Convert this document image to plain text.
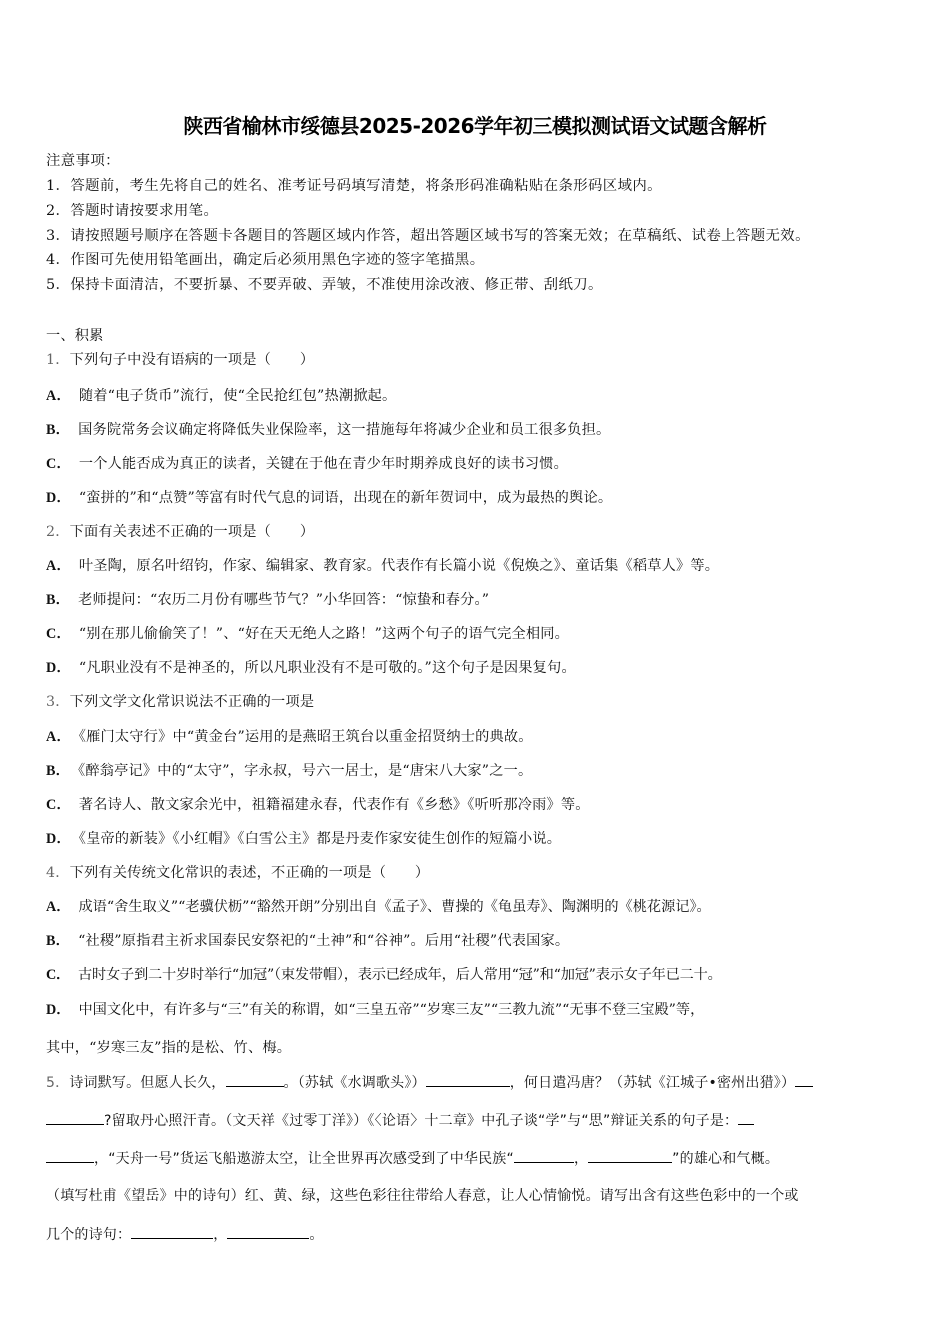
陕西省榆林市绥德县2025-2026学年初三模拟测试语文试题含解析
注意事项：
1．答题前，考生先将自己的姓名、准考证号码填写清楚，将条形码准确粘贴在条形码区域内。
2．答题时请按要求用笔。
3．请按照题号顺序在答题卡各题目的答题区域内作答，超出答题区域书写的答案无效；在草稿纸、试卷上答题无效。
4．作图可先使用铅笔画出，确定后必须用黑色字迹的签字笔描黑。
5．保持卡面清洁，不要折暴、不要弄破、弄皱，不准使用涂改液、修正带、刮纸刀。
一、积累
1．下列句子中没有语病的一项是（　　）
A． 随着“电子货币”流行，使“全民抢红包”热潮掀起。
B． 国务院常务会议确定将降低失业保险率，这一措施每年将减少企业和员工很多负担。
C． 一个人能否成为真正的读者，关键在于他在青少年时期养成良好的读书习惯。
D． “蛮拼的”和“点赞”等富有时代气息的词语，出现在的新年贺词中，成为最热的舆论。
2．下面有关表述不正确的一项是（　　）
A． 叶圣陶，原名叶绍钧，作家、编辑家、教育家。代表作有长篇小说《倪焕之》、童话集《稻草人》等。
B． 老师提问：“农历二月份有哪些节气？”小华回答：“惊蛰和春分。”
C． “别在那儿偷偷笑了！”、“好在天无绝人之路！”这两个句子的语气完全相同。
D． “凡职业没有不是神圣的，所以凡职业没有不是可敬的。”这个句子是因果复句。
3．下列文学文化常识说法不正确的一项是
A． 《雁门太守行》中“黄金台”运用的是燕昭王筑台以重金招贤纳士的典故。
B． 《醉翁亭记》中的“太守”，字永叔，号六一居士，是“唐宋八大家”之一。
C． 著名诗人、散文家余光中，祖籍福建永春，代表作有《乡愁》《听听那冷雨》等。
D． 《皇帝的新装》《小红帽》《白雪公主》都是丹麦作家安徒生创作的短篇小说。
4．下列有关传统文化常识的表述，不正确的一项是（　　）
A． 成语“舍生取义”“老骥伏枥”“豁然开朗”分别出自《孟子》、曹操的《龟虽寿》、陶渊明的《桃花源记》。
B． “社稷”原指君主祈求国泰民安祭祀的“土神”和“谷神”。后用“社稷”代表国家。
C． 古时女子到二十岁时举行“加冠”（束发带帽），表示已经成年，后人常用“冠”和“加冠”表示女子年已二十。
D． 中国文化中，有许多与“三”有关的称谓，如“三皇五帝”“岁寒三友”“三教九流”“无事不登三宝殿”等，
其中，“岁寒三友”指的是松、竹、梅。
5．诗词默写。但愿人长久，	。（苏轼《水调歌头》）	，何日遣冯唐？（苏轼《江城子•密州出猎》）
?留取丹心照汗青。（文天祥《过零丁洋》）《〈论语〉十二章》中孔子谈“学”与“思”辩证关系的句子是：
，“天舟一号”货运飞船遨游太空，让全世界再次感受到了中华民族“	，	”的雄心和气概。
（填写杜甫《望岳》中的诗句）红、黄、绿，这些色彩往往带给人春意，让人心情愉悦。请写出含有这些色彩中的一个或
几个的诗句：	，	。
